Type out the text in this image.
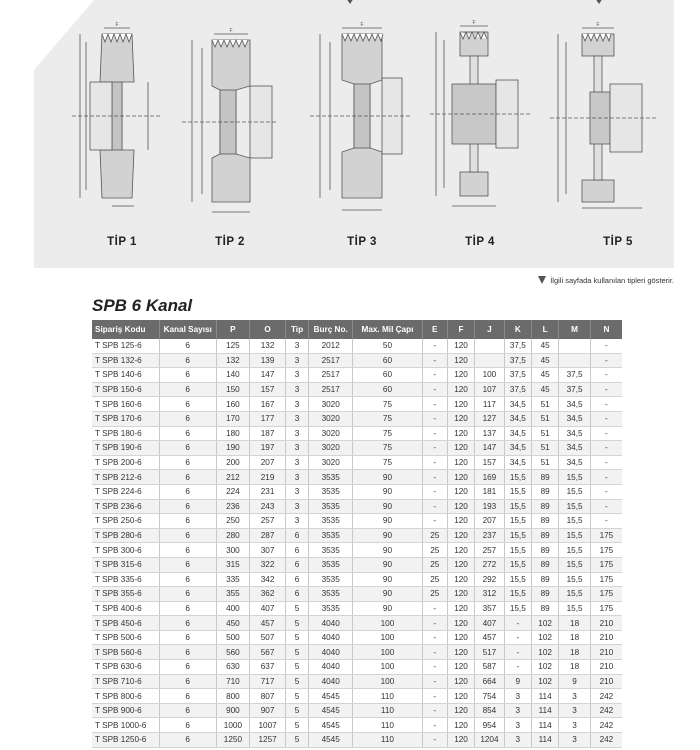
F
TİP 1
F
TİP 2
F
TİP 3
F
TİP 4
F
TİP 5
İlgili sayfada kullanılan tipleri gösterir.
SPB 6 Kanal
Sipariş Kodu	Kanal Sayısı	P	O	Tip	Burç No.	Max. Mil Çapı	E	F	J	K	L	M	N
T SPB 125-6	6	125	132	3	2012	50	-	120		37,5	45		-
T SPB 132-6	6	132	139	3	2517	60	-	120		37,5	45		-
T SPB 140-6	6	140	147	3	2517	60	-	120	100	37,5	45	37,5	-
T SPB 150-6	6	150	157	3	2517	60	-	120	107	37,5	45	37,5	-
T SPB 160-6	6	160	167	3	3020	75	-	120	117	34,5	51	34,5	-
T SPB 170-6	6	170	177	3	3020	75	-	120	127	34,5	51	34,5	-
T SPB 180-6	6	180	187	3	3020	75	-	120	137	34,5	51	34,5	-
T SPB 190-6	6	190	197	3	3020	75	-	120	147	34,5	51	34,5	-
T SPB 200-6	6	200	207	3	3020	75	-	120	157	34,5	51	34,5	-
T SPB 212-6	6	212	219	3	3535	90	-	120	169	15,5	89	15,5	-
T SPB 224-6	6	224	231	3	3535	90	-	120	181	15,5	89	15,5	-
T SPB 236-6	6	236	243	3	3535	90	-	120	193	15,5	89	15,5	-
T SPB 250-6	6	250	257	3	3535	90	-	120	207	15,5	89	15,5	-
T SPB 280-6	6	280	287	6	3535	90	25	120	237	15,5	89	15,5	175
T SPB 300-6	6	300	307	6	3535	90	25	120	257	15,5	89	15,5	175
T SPB 315-6	6	315	322	6	3535	90	25	120	272	15,5	89	15,5	175
T SPB 335-6	6	335	342	6	3535	90	25	120	292	15,5	89	15,5	175
T SPB 355-6	6	355	362	6	3535	90	25	120	312	15,5	89	15,5	175
T SPB 400-6	6	400	407	5	3535	90	-	120	357	15,5	89	15,5	175
T SPB 450-6	6	450	457	5	4040	100	-	120	407	-	102	18	210
T SPB 500-6	6	500	507	5	4040	100	-	120	457	-	102	18	210
T SPB 560-6	6	560	567	5	4040	100	-	120	517	-	102	18	210
T SPB 630-6	6	630	637	5	4040	100	-	120	587	-	102	18	210
T SPB 710-6	6	710	717	5	4040	100	-	120	664	9	102	9	210
T SPB 800-6	6	800	807	5	4545	110	-	120	754	3	114	3	242
T SPB 900-6	6	900	907	5	4545	110	-	120	854	3	114	3	242
T SPB 1000-6	6	1000	1007	5	4545	110	-	120	954	3	114	3	242
T SPB 1250-6	6	1250	1257	5	4545	110	-	120	1204	3	114	3	242
